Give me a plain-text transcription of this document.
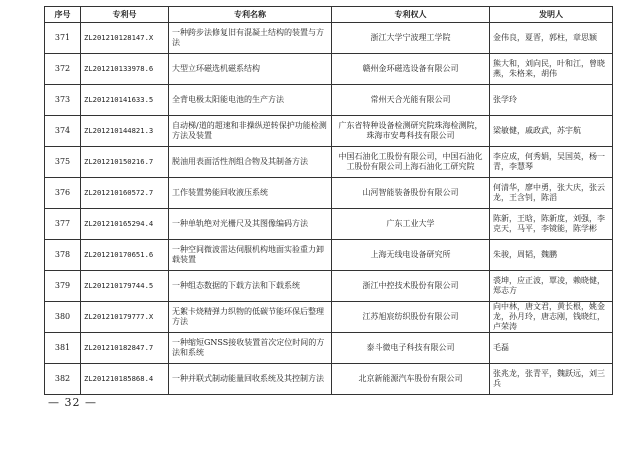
序号	专利号	专利名称	专利权人	发明人
371	ZL201210128147.X	一种跨步法修复旧有混凝土结构的装置与方法	浙江大学宁波理工学院	金伟良，夏晋，郭柱，章思颖
372	ZL201210133978.6	大型立环磁选机磁系结构	赣州金环磁选设备有限公司	熊大和，刘向民，叶和江，曾晓燕，朱格来，胡伟
373	ZL201210141633.5	全背电极太阳能电池的生产方法	常州天合光能有限公司	张学玲
374	ZL201210144821.3	自动梯/道的超速和非操纵逆转保护功能检测方法及装置	广东省特种设备检测研究院珠海检测院，珠海市安粤科技有限公司	梁敏健，戚政武，苏宇航
375	ZL201210150216.7	脱油用表面活性剂组合物及其制备方法	中国石油化工股份有限公司，中国石油化工股份有限公司上海石油化工研究院	李应成，何秀娟，吴国英，杨一青，李慧琴
376	ZL201210160572.7	工作装置势能回收液压系统	山河智能装备股份有限公司	何清华，廖中勇，张大庆，张云龙，王含钊，陈滔
377	ZL201210165294.4	一种单轨绝对光栅尺及其图像编码方法	广东工业大学	陈新，王晗，陈新度，刘强，李克天，马平，李镜能，陈学彬
378	ZL201210170651.6	一种空间微波雷达伺服机构地面实验重力卸载装置	上海无线电设备研究所	朱骏，周韬，魏鹏
379	ZL201210179744.5	一种组态数据的下载方法和下载系统	浙江中控技术股份有限公司	裘坤，应正波，覃凌，赖晓健，郑志方
380	ZL201210179777.X	无絮卡烧精弹力织物的低碳节能环保后整理方法	江苏旭宸纺织股份有限公司	向中林，唐文君，黄长根，姚金龙，孙月玲，唐志刚，钱晓红，卢荣涛
381	ZL201210182847.7	一种缩短GNSS接收装置首次定位时间的方法和系统	泰斗微电子科技有限公司	毛磊
382	ZL201210185868.4	一种并联式制动能量回收系统及其控制方法	北京新能源汽车股份有限公司	张兆龙，张青平，魏跃远，刘三兵
— 32 —
